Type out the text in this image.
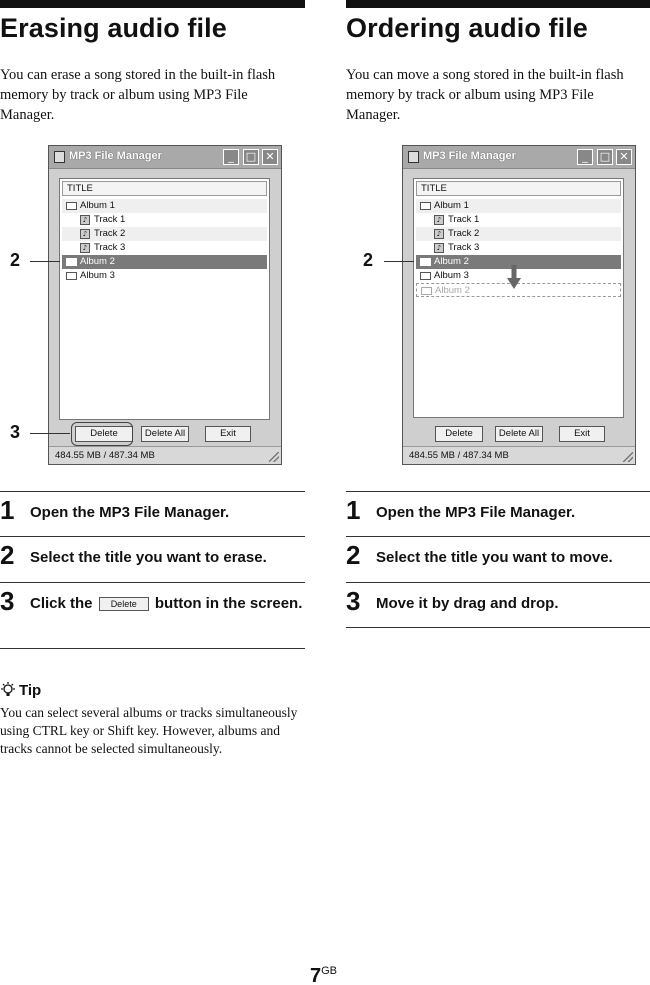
Erasing audio file
You can erase a song stored in the built-in flash memory by track or album using MP3 File Manager.
Ordering audio file
You can move a song stored in the built-in flash memory by track or album using MP3 File Manager.
MP3 File Manager	_	□ ✕
TITLE
Album 1
♪ Track 1
♪ Track 2
♪ Track 3
Album 2
Album 3
Delete	Delete All	Exit
484.55 MB / 487.34 MB
2
3
MP3 File Manager	_	□ ✕
TITLE
Album 1
♪ Track 1
♪ Track 2
♪ Track 3
Album 2
Album 3
Album 2
Delete	Delete All	Exit
484.55 MB / 487.34 MB
2
1	Open the MP3 File Manager.
2	Select the title you want to erase.
3	Click the Delete button in the screen.
1	Open the MP3 File Manager.
2	Select the title you want to move.
3	Move it by drag and drop.
Tip
You can select several albums or tracks simultaneously using CTRL key or Shift key. However, albums and tracks cannot be selected simultaneously.
$7^{GB}$
